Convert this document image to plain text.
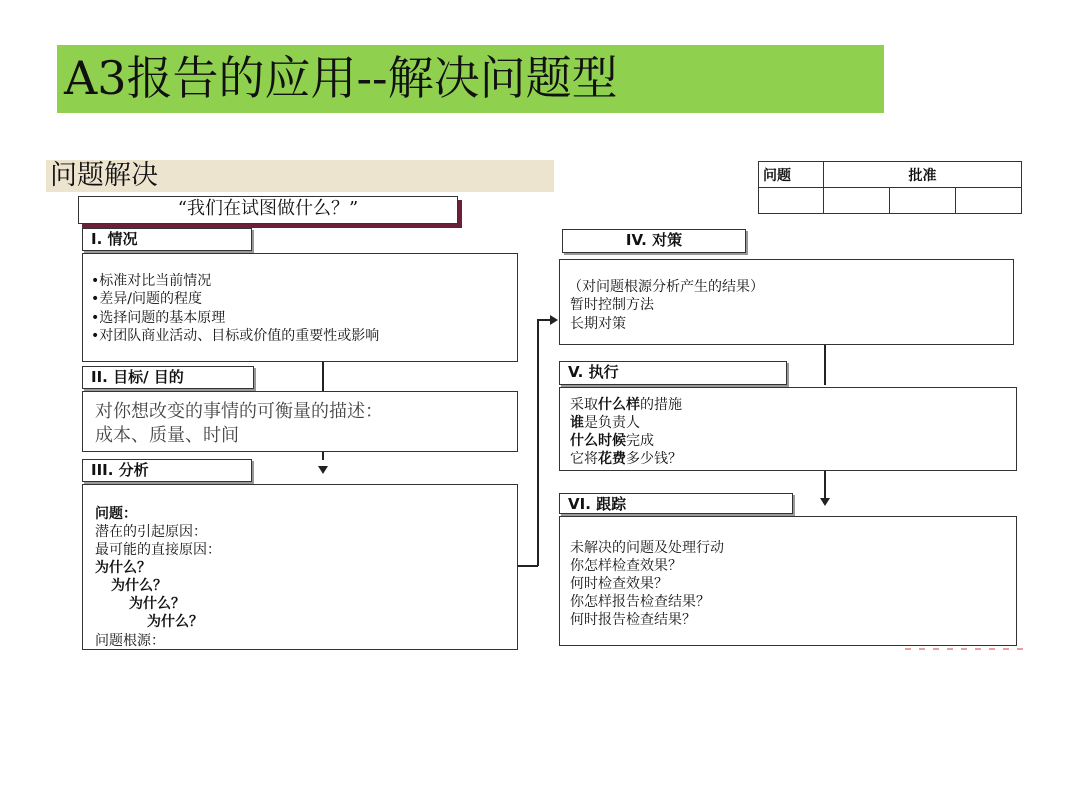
A3报告的应用--解决问题型
问题解决
“我们在试图做什么？”
问题	批准		

I. 情况
•标准对比当前情况
•差异/问题的程度
•选择问题的基本原理
•对团队商业活动、目标或价值的重要性或影响
II. 目标/ 目的
对你想改变的事情的可衡量的描述：
成本、质量、时间
III. 分析
问题：
潜在的引起原因：
最可能的直接原因：
为什么？
为什么？
为什么？
为什么？
问题根源：
IV. 对策
（对问题根源分析产生的结果）
暂时控制方法
长期对策
V. 执行
采取什么样的措施
谁是负责人
什么时候完成
它将花费多少钱？
VI. 跟踪
未解决的问题及处理行动
你怎样检查效果？
何时检查效果？
你怎样报告检查结果？
何时报告检查结果？
